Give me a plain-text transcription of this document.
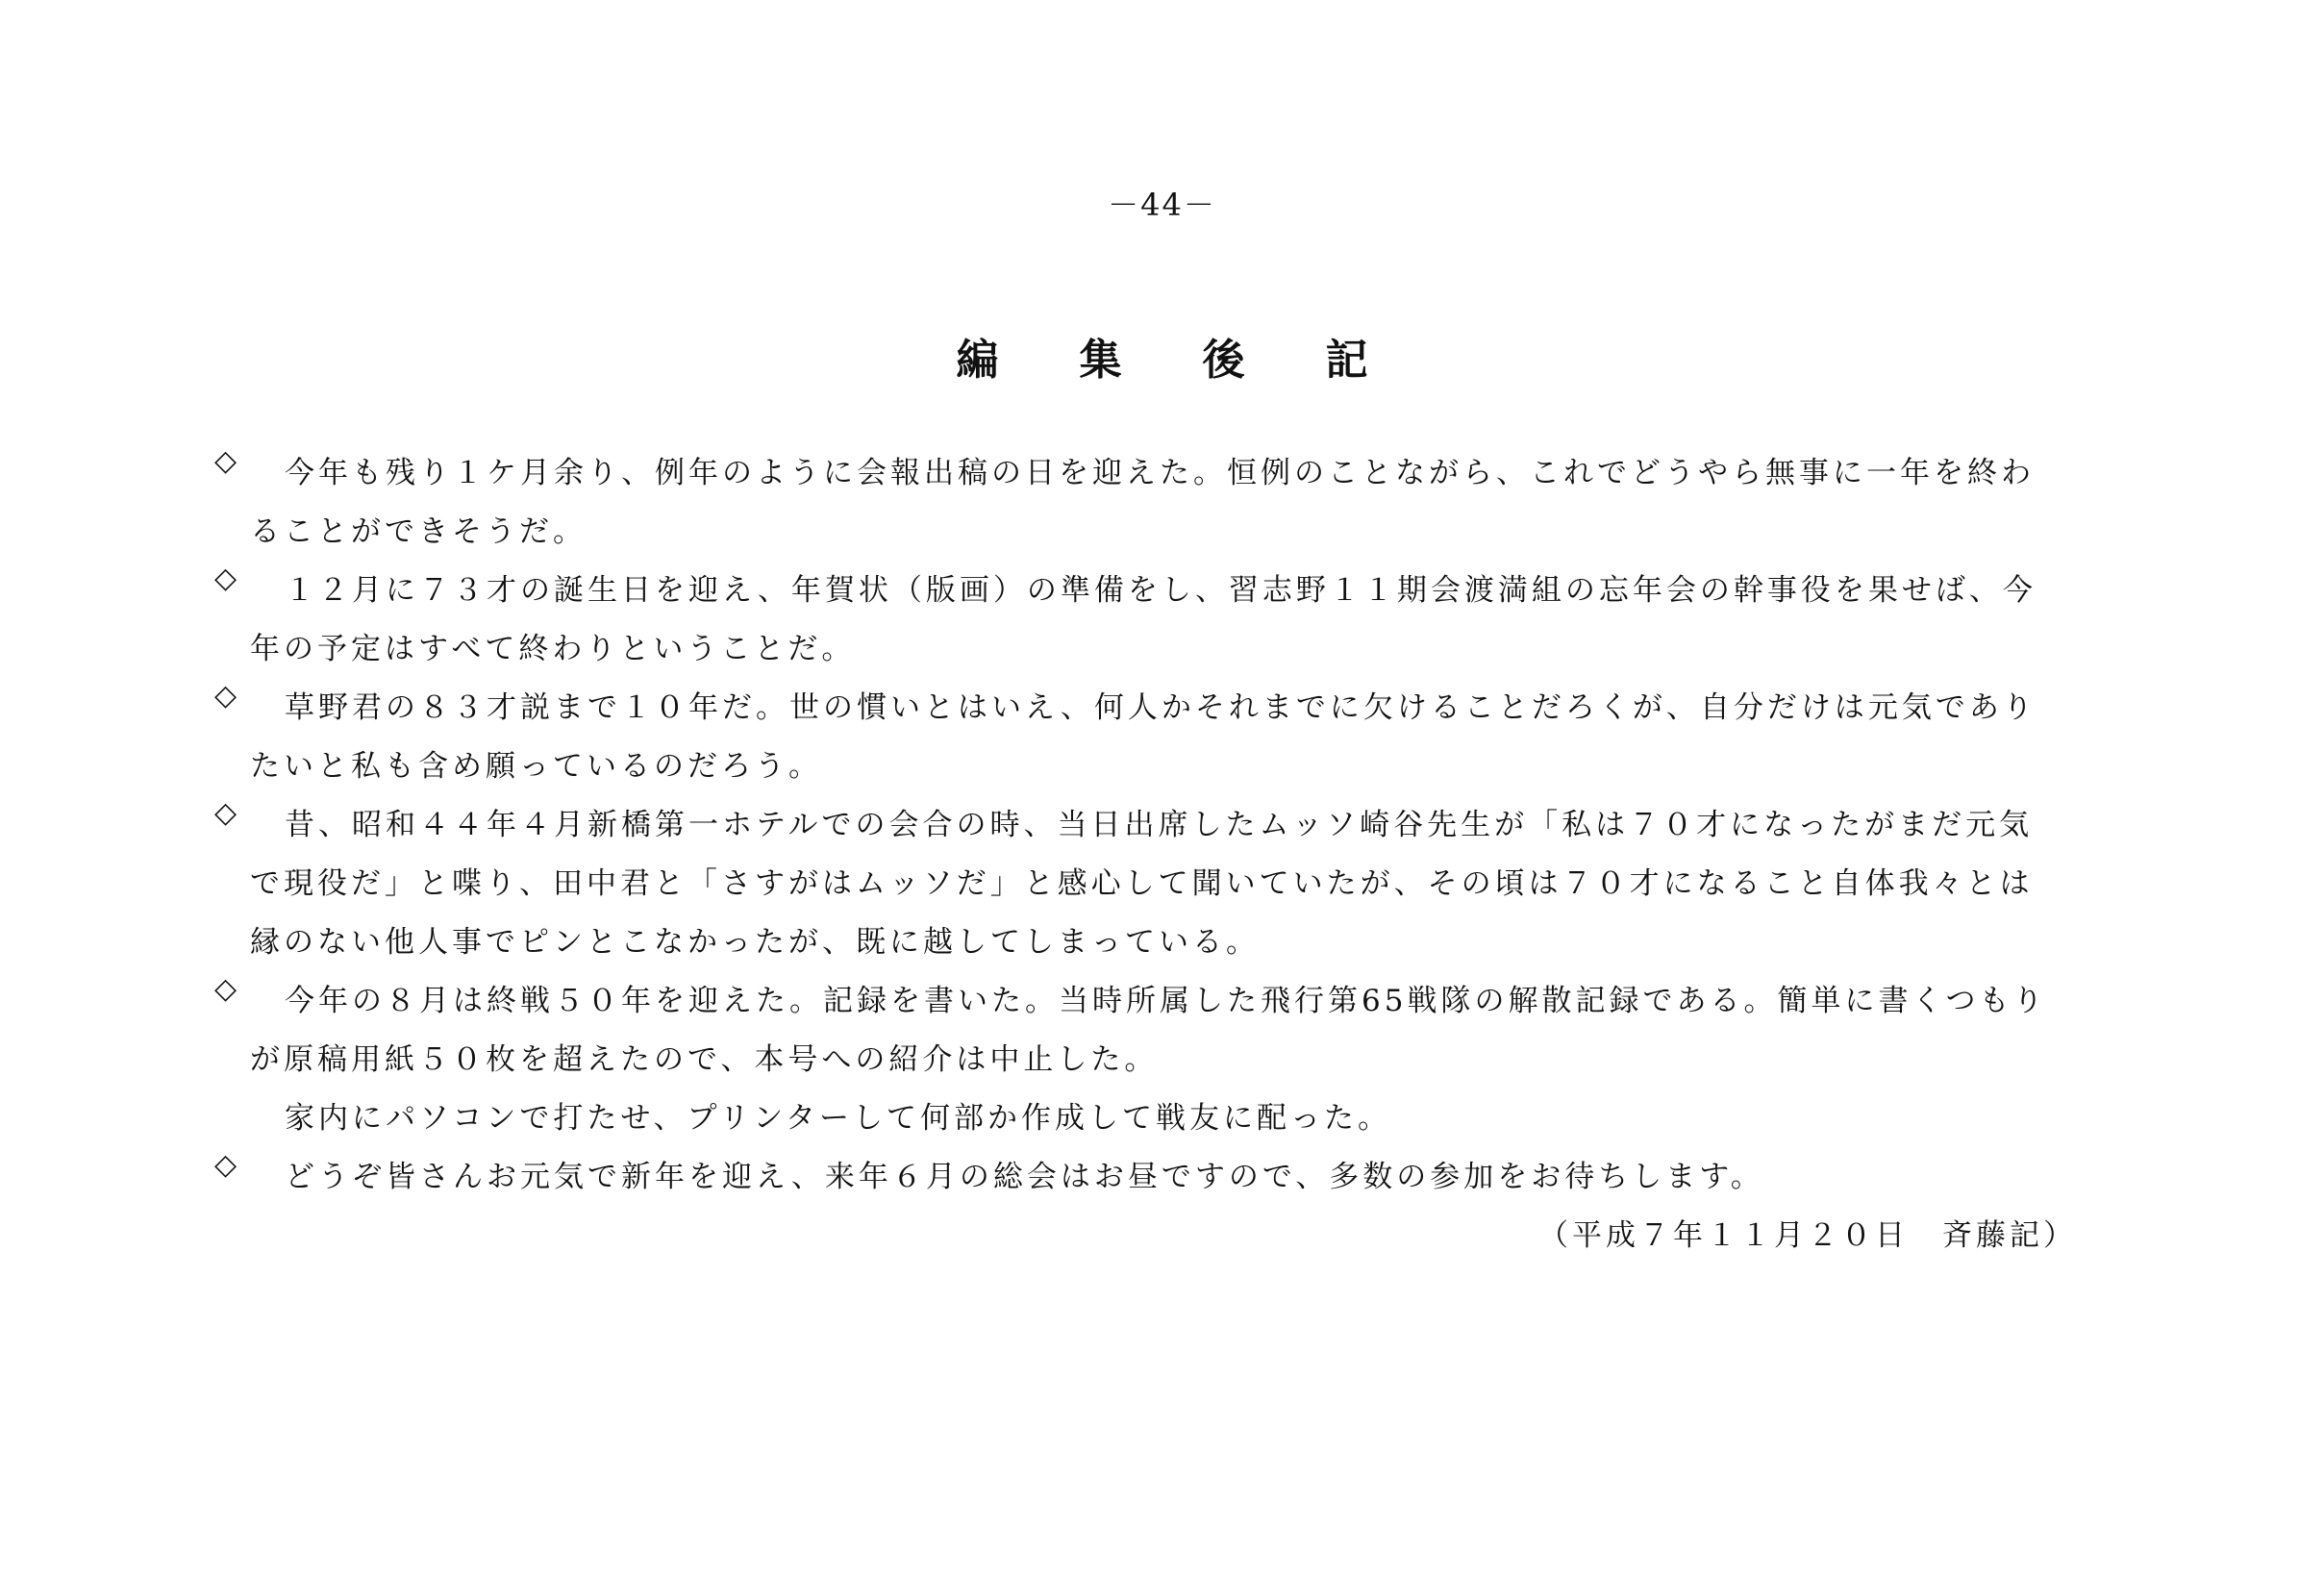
－44－
編 集 後 記
◇ 今年も残り１ケ月余り、例年のように会報出稿の日を迎えた。恒例のことながら、これでどうやら無事に一年を終わ
ることができそうだ。
◇ １２月に７３才の誕生日を迎え、年賀状（版画）の準備をし、習志野１１期会渡満組の忘年会の幹事役を果せば、今
年の予定はすべて終わりということだ。
◇ 草野君の８３才説まで１０年だ。世の慣いとはいえ、何人かそれまでに欠けることだろくが、自分だけは元気であり
たいと私も含め願っているのだろう。
◇ 昔、昭和４４年４月新橋第一ホテルでの会合の時、当日出席したムッソ崎谷先生が「私は７０才になったがまだ元気
で現役だ」と喋り、田中君と「さすがはムッソだ」と感心して聞いていたが、その頃は７０才になること自体我々とは
縁のない他人事でピンとこなかったが、既に越してしまっている。
◇ 今年の８月は終戦５０年を迎えた。記録を書いた。当時所属した飛行第65戦隊の解散記録である。簡単に書くつもり
が原稿用紙５０枚を超えたので、本号への紹介は中止した。
家内にパソコンで打たせ、プリンターして何部か作成して戦友に配った。
◇ どうぞ皆さんお元気で新年を迎え、来年６月の総会はお昼ですので、多数の参加をお待ちします。
（平成７年１１月２０日　斉藤記）
